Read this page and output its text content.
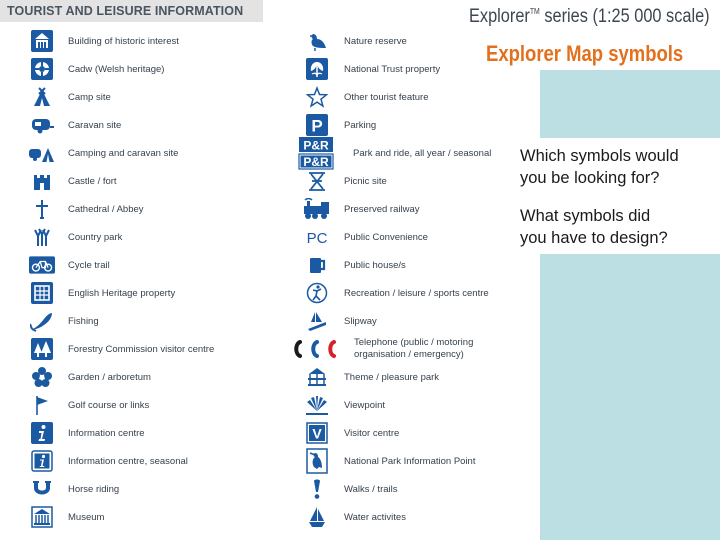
TOURIST AND LEISURE INFORMATION	Explorer™ series (1:25 000 scale)
Explorer Map symbols
Which symbols would
you be looking for?
What symbols did
you have to design?
Building of historic interest
Cadw (Welsh heritage)
Camp site
Caravan site
Camping and caravan site
Castle / fort
Cathedral / Abbey
Country park
Cycle trail
English Heritage property
Fishing
Forestry Commission visitor centre
Garden / arboretum
Golf course or links
Information centre
Information centre, seasonal
Horse riding
Museum
Nature reserve
National Trust property
Other tourist feature
P Parking
P&R
P&R
Park and ride, all year / seasonal
Picnic site
Preserved railway
PC Public Convenience
Public house/s
Recreation / leisure / sports centre
Slipway
Telephone (public / motoring
organisation / emergency)
Theme / pleasure park
Viewpoint
V Visitor centre
National Park Information Point
Walks / trails
Water activites
